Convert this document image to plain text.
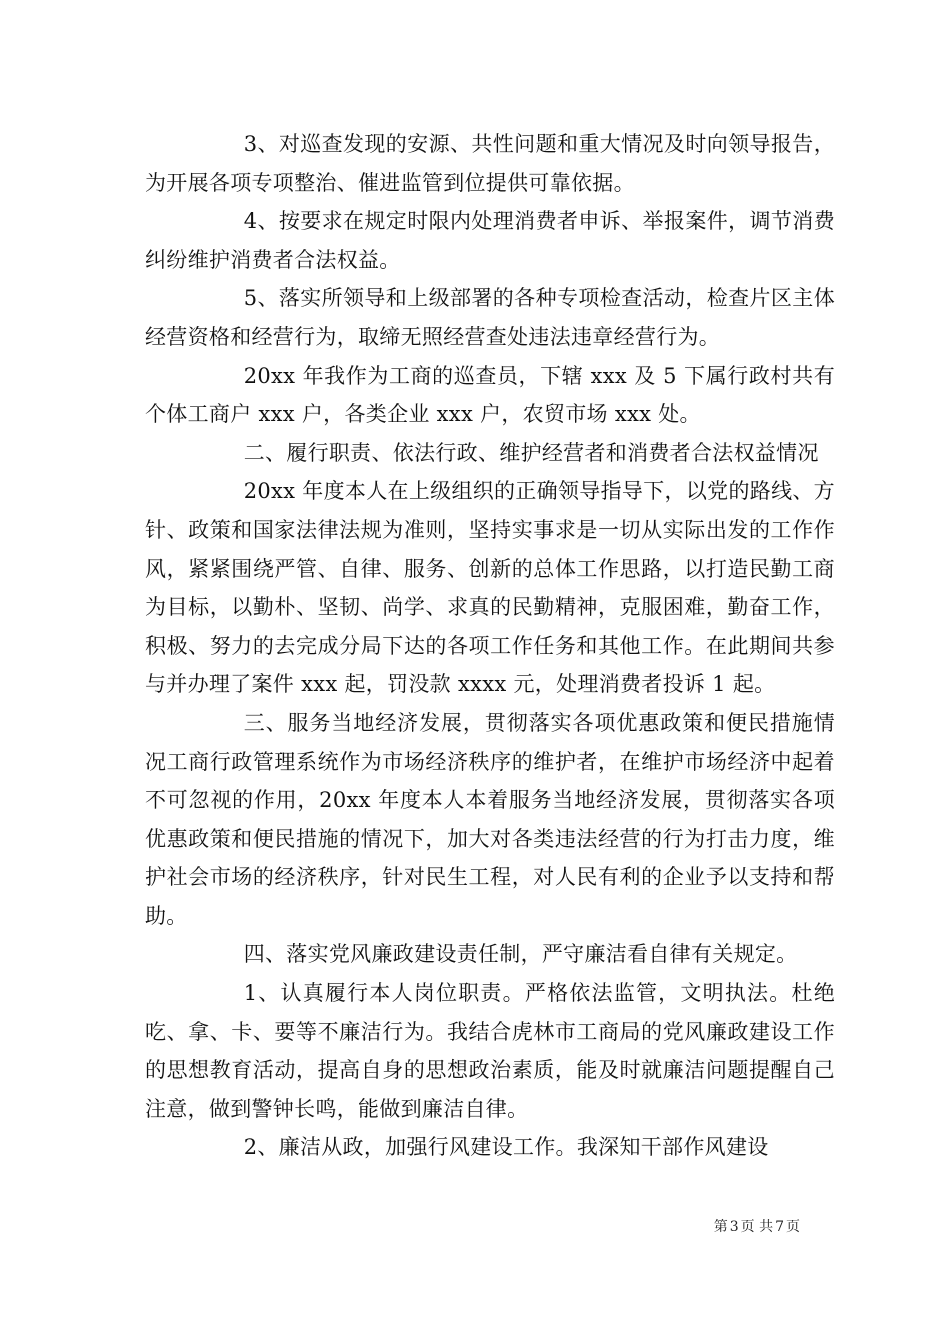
3、对巡查发现的安源、共性问题和重大情况及时向领导报告，为开展各项专项整治、催进监管到位提供可靠依据。

4、按要求在规定时限内处理消费者申诉、举报案件，调节消费纠纷维护消费者合法权益。

5、落实所领导和上级部署的各种专项检查活动，检查片区主体经营资格和经营行为，取缔无照经营查处违法违章经营行为。

20xx 年我作为工商的巡查员，下辖 xxx 及 5 下属行政村共有个体工商户 xxx 户，各类企业 xxx 户，农贸市场 xxx 处。

二、履行职责、依法行政、维护经营者和消费者合法权益情况

20xx 年度本人在上级组织的正确领导指导下，以党的路线、方针、政策和国家法律法规为准则，坚持实事求是一切从实际出发的工作作风，紧紧围绕严管、自律、服务、创新的总体工作思路，以打造民勤工商为目标，以勤朴、坚韧、尚学、求真的民勤精神，克服困难，勤奋工作，积极、努力的去完成分局下达的各项工作任务和其他工作。在此期间共参与并办理了案件 xxx 起，罚没款 xxxx 元，处理消费者投诉 1 起。

三、服务当地经济发展，贯彻落实各项优惠政策和便民措施情况工商行政管理系统作为市场经济秩序的维护者，在维护市场经济中起着不可忽视的作用，20xx 年度本人本着服务当地经济发展，贯彻落实各项优惠政策和便民措施的情况下，加大对各类违法经营的行为打击力度，维护社会市场的经济秩序，针对民生工程，对人民有利的企业予以支持和帮助。

四、落实党风廉政建设责任制，严守廉洁看自律有关规定。

1、认真履行本人岗位职责。严格依法监管，文明执法。杜绝吃、拿、卡、要等不廉洁行为。我结合虎林市工商局的党风廉政建设工作的思想教育活动，提高自身的思想政治素质，能及时就廉洁问题提醒自己注意，做到警钟长鸣，能做到廉洁自律。

2、廉洁从政，加强行风建设工作。我深知干部作风建设

第 3 页 共 7 页
